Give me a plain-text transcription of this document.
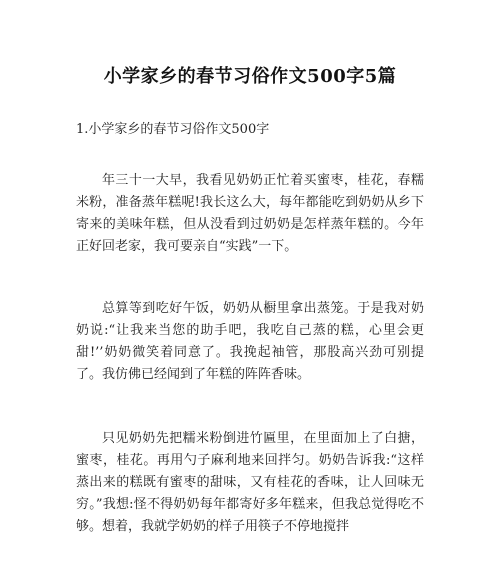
小学家乡的春节习俗作文500字5篇
1.小学家乡的春节习俗作文500字

年三十一大早，我看见奶奶正忙着买蜜枣，桂花，春糯米粉，准备蒸年糕呢!我长这么大，每年都能吃到奶奶从乡下寄来的美味年糕，但从没看到过奶奶是怎样蒸年糕的。今年正好回老家，我可要亲自“实践”一下。

总算等到吃好午饭，奶奶从橱里拿出蒸笼。于是我对奶奶说:“让我来当您的助手吧，我吃自己蒸的糕，心里会更甜!’’奶奶微笑着同意了。我挽起袖管，那股高兴劲可别提了。我仿佛已经闻到了年糕的阵阵香味。

只见奶奶先把糯米粉倒进竹匾里，在里面加上了白搪，蜜枣，桂花。再用勺子麻利地来回拌匀。奶奶告诉我:“这样蒸出来的糕既有蜜枣的甜味，又有桂花的香味，让人回味无穷。”我想:怪不得奶奶每年都寄好多年糕来，但我总觉得吃不够。想着，我就学奶奶的样子用筷子不停地搅拌
